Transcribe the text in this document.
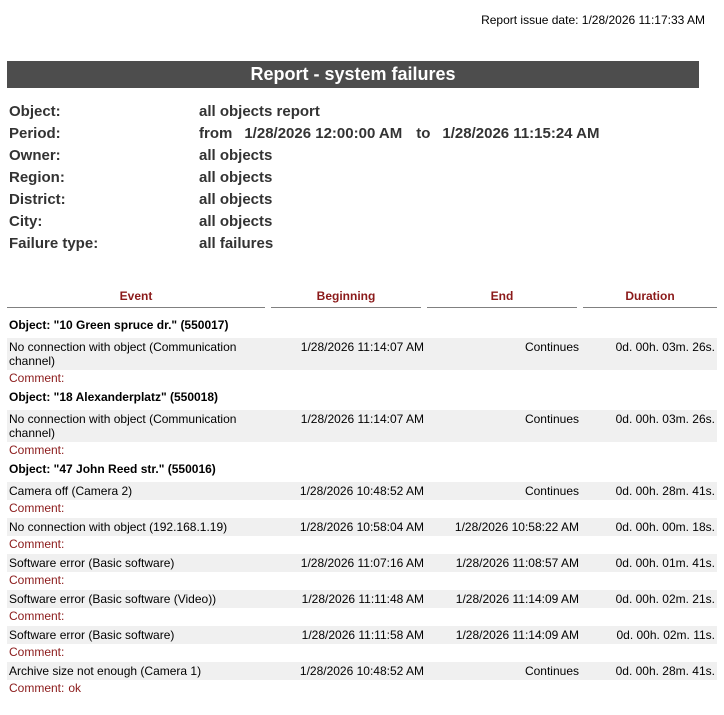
Report issue date: 1/28/2026 11:17:33 AM
Report - system failures
Object:	all objects report
Period:	from 1/28/2026 12:00:00 AM to 1/28/2026 11:15:24 AM
Owner:	all objects
Region:	all objects
District:	all objects
City:	all objects
Failure type:	all failures
Event	Beginning	End	Duration
Object: "10 Green spruce dr." (550017)
No connection with object (Communication channel)
1/28/2026 11:14:07 AM	Continues	0d. 00h. 03m. 26s.
Comment:
Object: "18 Alexanderplatz" (550018)
No connection with object (Communication channel)
1/28/2026 11:14:07 AM	Continues	0d. 00h. 03m. 26s.
Comment:
Object: "47 John Reed str." (550016)
Camera off (Camera 2)	1/28/2026 10:48:52 AM	Continues	0d. 00h. 28m. 41s.
Comment:
No connection with object (192.168.1.19)	1/28/2026 10:58:04 AM	1/28/2026 10:58:22 AM	0d. 00h. 00m. 18s.
Comment:
Software error (Basic software)	1/28/2026 11:07:16 AM	1/28/2026 11:08:57 AM	0d. 00h. 01m. 41s.
Comment:
Software error (Basic software (Video))	1/28/2026 11:11:48 AM	1/28/2026 11:14:09 AM	0d. 00h. 02m. 21s.
Comment:
Software error (Basic software)	1/28/2026 11:11:58 AM	1/28/2026 11:14:09 AM	0d. 00h. 02m. 11s.
Comment:
Archive size not enough (Camera 1)	1/28/2026 10:48:52 AM	Continues	0d. 00h. 28m. 41s.
Comment: ok
